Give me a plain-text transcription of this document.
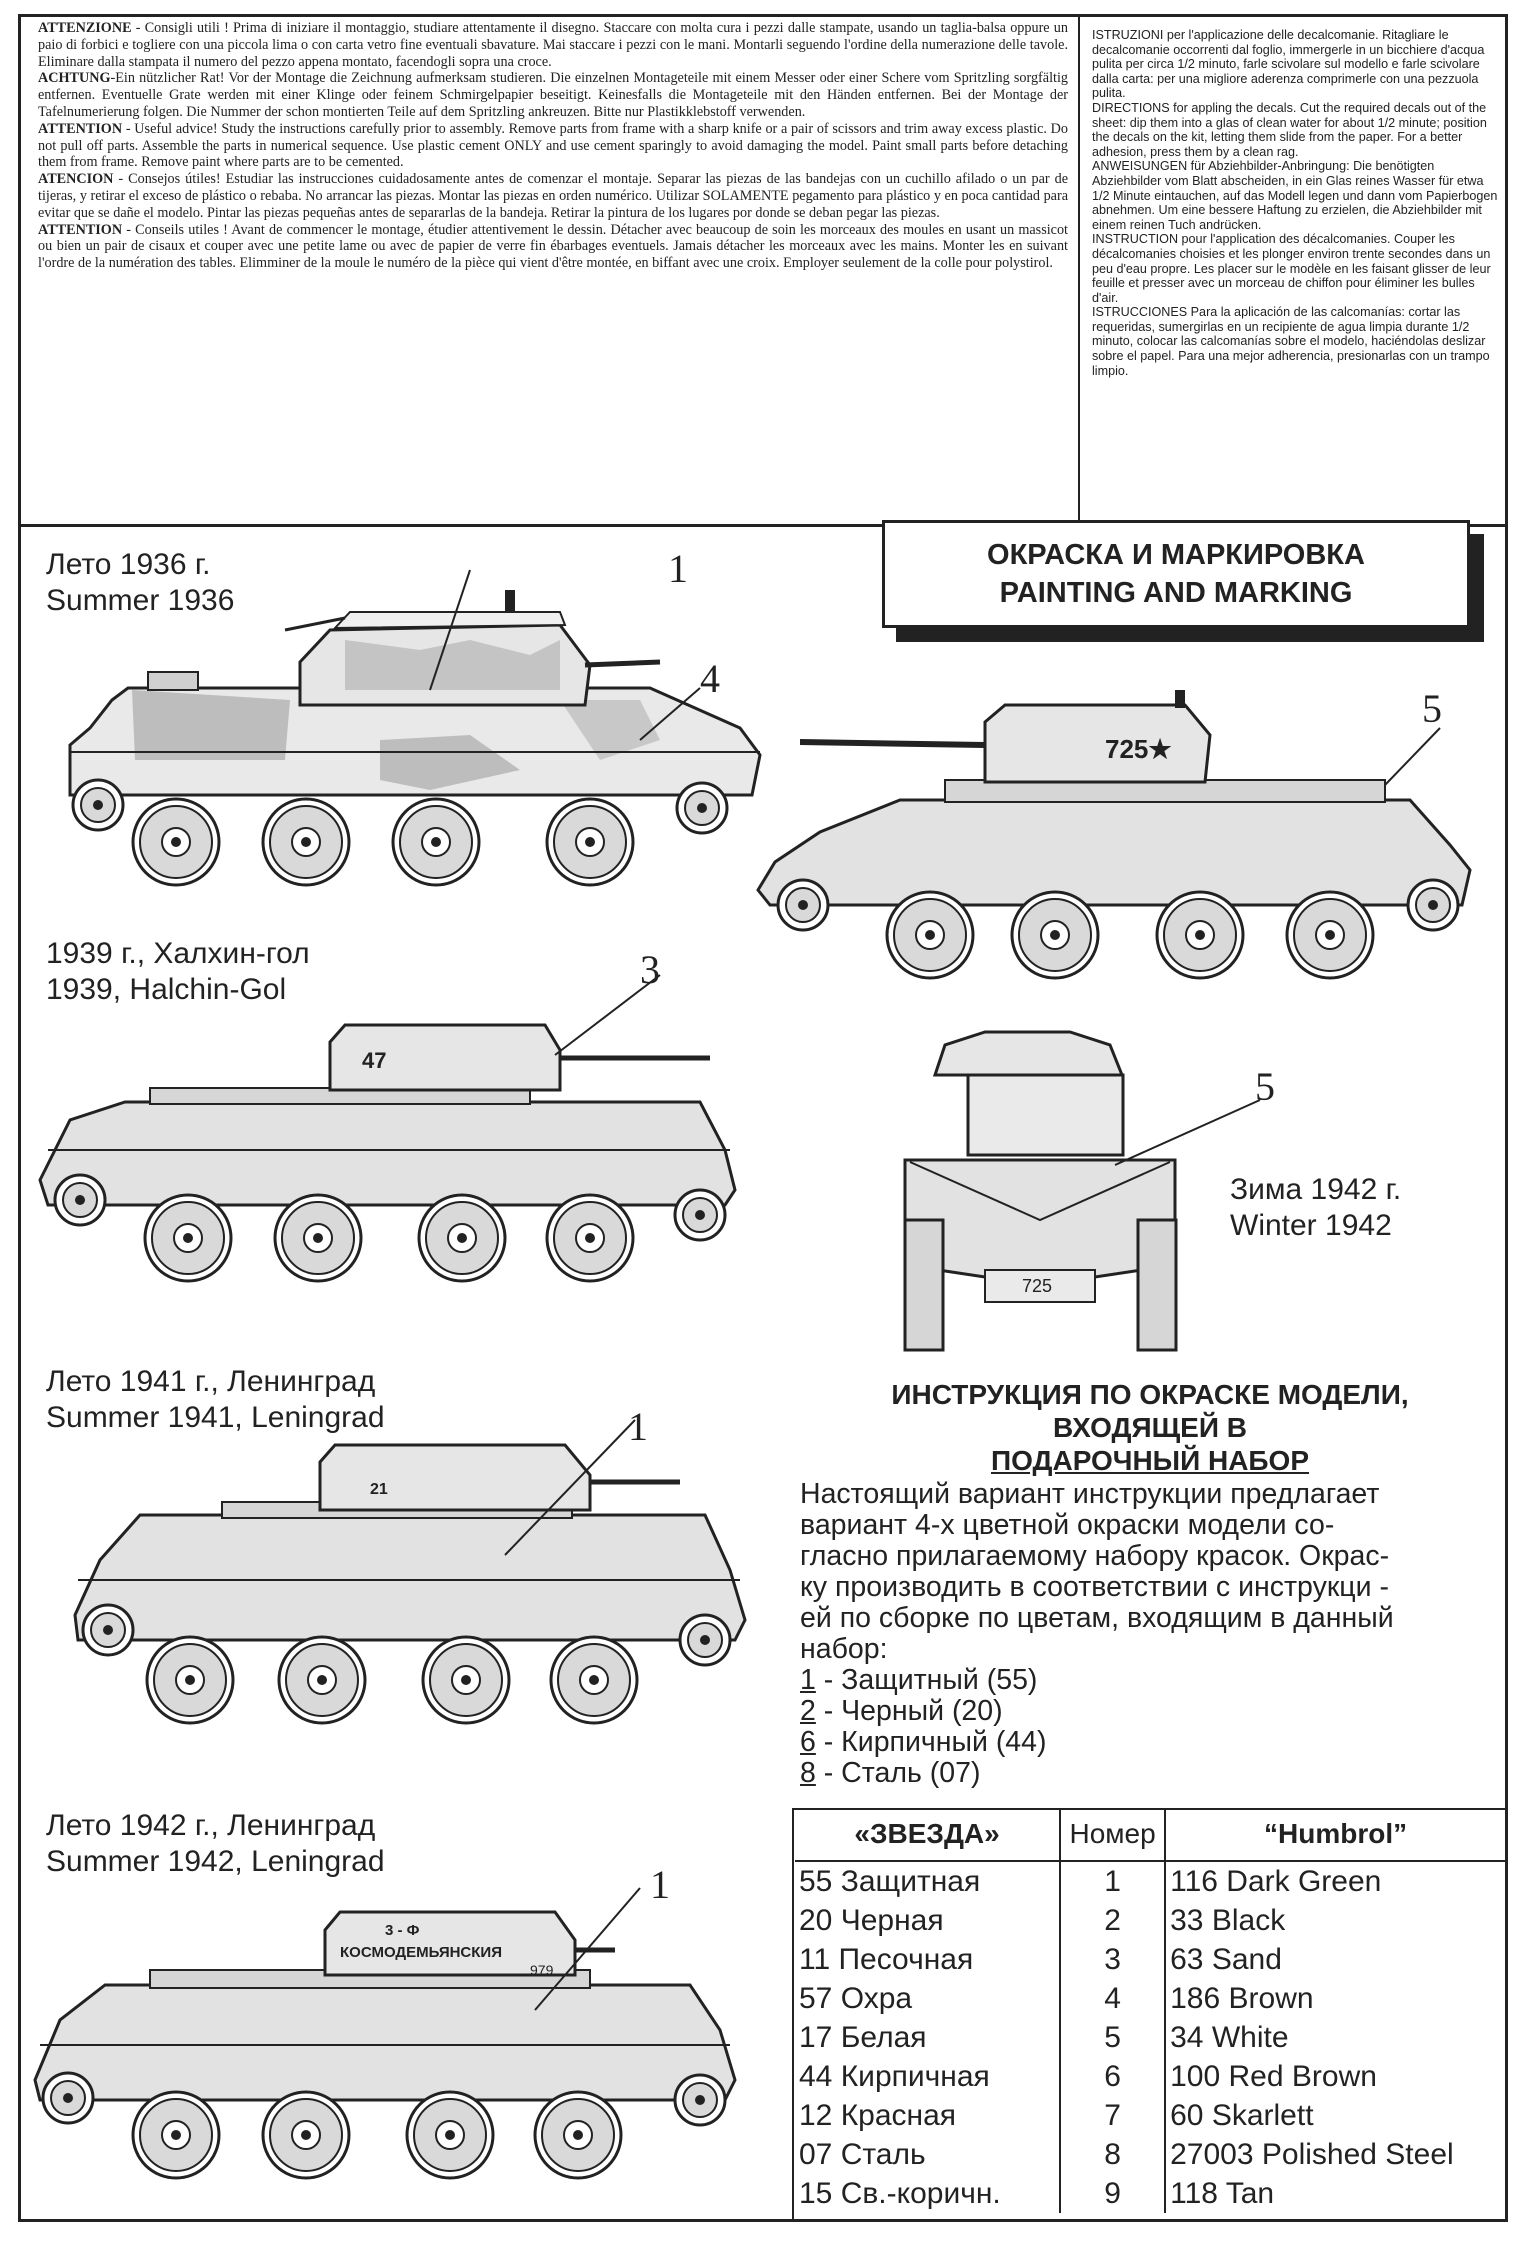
ATTENZIONE - Consigli utili ! Prima di iniziare il montaggio, studiare attentamente il disegno. Staccare con molta cura i pezzi dalle stampate, usando un taglia-balsa oppure un paio di forbici e togliere con una piccola lima o con carta vetro fine eventuali sbavature. Mai staccare i pezzi con le mani. Montarli seguendo l'ordine della numerazione delle tavole. Eliminare dalla stampata il numero del pezzo appena montato, facendogli sopra una croce.

ACHTUNG-Ein nützlicher Rat! Vor der Montage die Zeichnung aufmerksam studieren. Die einzelnen Montageteile mit einem Messer oder einer Schere vom Spritzling sorgfältig entfernen. Eventuelle Grate werden mit einer Klinge oder feinem Schmirgelpapier beseitigt. Keinesfalls die Montageteile mit den Händen entfernen. Bei der Montage der Tafelnumerierung folgen. Die Nummer der schon montierten Teile auf dem Spritzling ankreuzen. Bitte nur Plastikklebstoff verwenden.

ATTENTION - Useful advice! Study the instructions carefully prior to assembly. Remove parts from frame with a sharp knife or a pair of scissors and trim away excess plastic. Do not pull off parts. Assemble the parts in numerical sequence. Use plastic cement ONLY and use cement sparingly to avoid damaging the model. Paint small parts before detaching them from frame. Remove paint where parts are to be cemented.

ATENCION - Consejos útiles! Estudiar las instrucciones cuidadosamente antes de comenzar el montaje. Separar las piezas de las bandejas con un cuchillo afilado o un par de tijeras, y retirar el exceso de plástico o rebaba. No arrancar las piezas. Montar las piezas en orden numérico. Utilizar SOLAMENTE pegamento para plástico y en poca cantidad para evitar que se dañe el modelo. Pintar las piezas pequeñas antes de separarlas de la bandeja. Retirar la pintura de los lugares por donde se deban pegar las piezas.

ATTENTION - Conseils utiles ! Avant de commencer le montage, étudier attentivement le dessin. Détacher avec beaucoup de soin les morceaux des moules en usant un massicot ou bien un pair de cisaux et couper avec une petite lame ou avec de papier de verre fin ébarbages eventuels. Jamais détacher les morceaux avec les mains. Monter les en suivant l'ordre de la numération des tables. Elimminer de la moule le numéro de la pièce qui vient d'être montée, en biffant avec une croix. Employer seulement de la colle pour polystirol.

ISTRUZIONI per l'applicazione delle decalcomanie. Ritagliare le decalcomanie occorrenti dal foglio, immergerle in un bicchiere d'acqua pulita per circa 1/2 minuto, farle scivolare sul modello e farle scivolare dalla carta: per una migliore aderenza comprimerle con una pezzuola pulita.

DIRECTIONS for appling the decals. Cut the required decals out of the sheet: dip them into a glas of clean water for about 1/2 minute; position the decals on the kit, letting them slide from the paper. For a better adhesion, press them by a clean rag.

ANWEISUNGEN für Abziehbilder-Anbringung: Die benötigten Abziehbilder vom Blatt abscheiden, in ein Glas reines Wasser für etwa 1/2 Minute eintauchen, auf das Modell legen und dann vom Papierbogen abnehmen. Um eine bessere Haftung zu erzielen, die Abziehbilder mit einem reinen Tuch andrücken.

INSTRUCTION pour l'application des décalcomanies. Couper les décalcomanies choisies et les plonger environ trente secondes dans un peu d'eau propre. Les placer sur le modèle en les faisant glisser de leur feuille et presser avec un morceau de chiffon pour éliminer les bulles d'air.

ISTRUCCIONES Para la aplicación de las calcomanías: cortar las requeridas, sumergirlas en un recipiente de agua limpia durante 1/2 minuto, colocar las calcomanías sobre el modelo, haciéndolas deslizar sobre el papel. Para una mejor adherencia, presionarlas con un trampo limpio.

ОКРАСКА И МАРКИРОВКА
PAINTING AND MARKING
Лето 1936 г.
Summer 1936
1939 г., Халхин-гол
1939, Halchin-Gol
Зима 1942 г.
Winter 1942
Лето 1941 г., Ленинград
Summer 1941, Leningrad
Лето 1942 г., Ленинград
Summer 1942, Leningrad
725★
47
725
21
3 - Ф
КОСМОДЕМЬЯНСКИЯ
979
1
4
5
3
5
1
1
ИНСТРУКЦИЯ ПО ОКРАСКЕ МОДЕЛИ,
ВХОДЯЩЕЙ В
ПОДАРОЧНЫЙ НАБОР

Настоящий вариант инструкции предлагает

вариант 4-х цветной окраски модели со-

гласно прилагаемому набору красок. Окрас-

ку производить в соответствии с инструкци -

ей по сборке по цветам, входящим в данный

набор:

1 - Защитный (55)

2 - Черный (20)

6 - Кирпичный (44)

8 - Сталь (07)

«ЗВЕЗДА»	Номер	“Humbrol”
55 Защитная	1	116 Dark Green
20 Черная	2	33 Black
11 Песочная	3	63 Sand
57 Охра	4	186 Brown
17 Белая	5	34 White
44 Кирпичная	6	100 Red Brown
12 Красная	7	60 Skarlett
07 Сталь	8	27003 Polished Steel
15 Св.-коричн.	9	118 Tan
